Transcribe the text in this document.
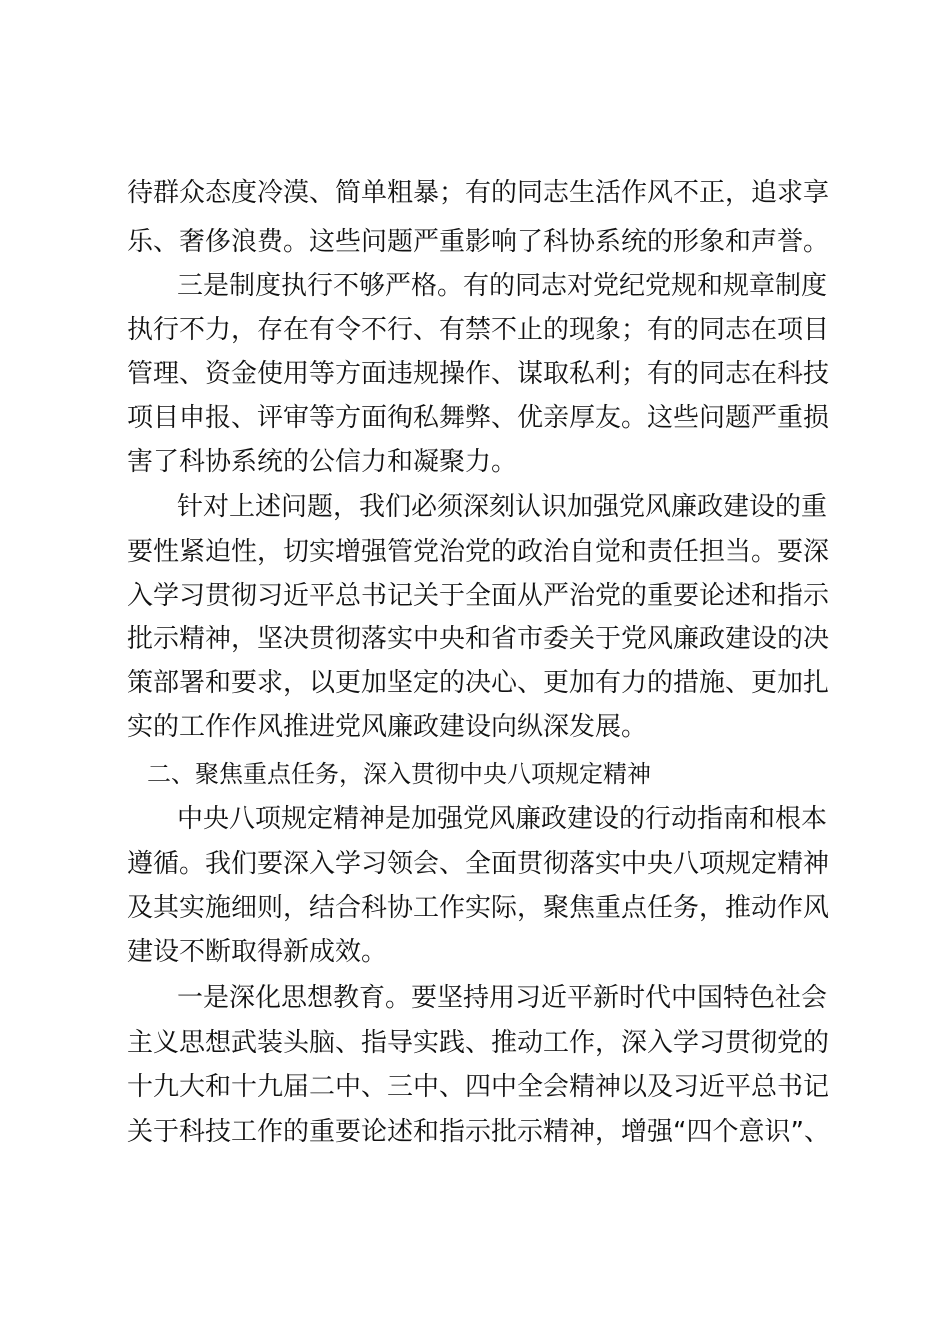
待群众态度冷漠、简单粗暴；有的同志生活作风不正，追求享
乐、奢侈浪费。这些问题严重影响了科协系统的形象和声誉。
三是制度执行不够严格。有的同志对党纪党规和规章制度
执行不力，存在有令不行、有禁不止的现象；有的同志在项目
管理、资金使用等方面违规操作、谋取私利；有的同志在科技
项目申报、评审等方面徇私舞弊、优亲厚友。这些问题严重损
害了科协系统的公信力和凝聚力。
针对上述问题，我们必须深刻认识加强党风廉政建设的重
要性紧迫性，切实增强管党治党的政治自觉和责任担当。要深
入学习贯彻习近平总书记关于全面从严治党的重要论述和指示
批示精神，坚决贯彻落实中央和省市委关于党风廉政建设的决
策部署和要求，以更加坚定的决心、更加有力的措施、更加扎
实的工作作风推进党风廉政建设向纵深发展。
二、聚焦重点任务，深入贯彻中央八项规定精神
中央八项规定精神是加强党风廉政建设的行动指南和根本
遵循。我们要深入学习领会、全面贯彻落实中央八项规定精神
及其实施细则，结合科协工作实际，聚焦重点任务，推动作风
建设不断取得新成效。
一是深化思想教育。要坚持用习近平新时代中国特色社会
主义思想武装头脑、指导实践、推动工作，深入学习贯彻党的
十九大和十九届二中、三中、四中全会精神以及习近平总书记
关于科技工作的重要论述和指示批示精神，增强“四个意识”、
